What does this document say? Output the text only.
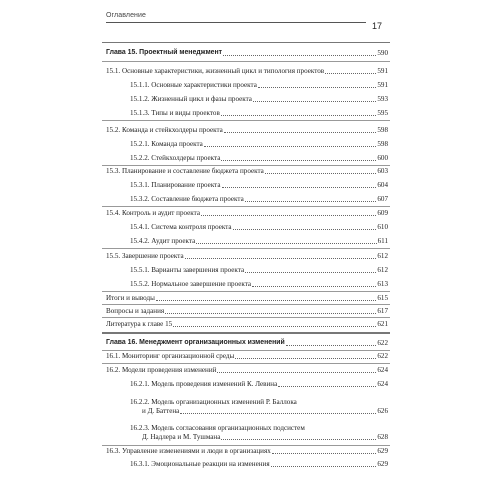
Оглавление
17
Глава 15. Проектный менеджмент	590
15.1. Основные характеристики, жизненный цикл и типология проектов	591
15.1.1. Основные характеристики проекта	591
15.1.2. Жизненный цикл и фазы проекта	593
15.1.3. Типы и виды проектов	595
15.2. Команда и стейкхолдеры проекта	598
15.2.1. Команда проекта	598
15.2.2. Стейкхолдеры проекта	600
15.3. Планирование и составление бюджета проекта	603
15.3.1. Планирование проекта	604
15.3.2. Составление бюджета проекта	607
15.4. Контроль и аудит проекта	609
15.4.1. Система контроля проекта	610
15.4.2. Аудит проекта	611
15.5. Завершение проекта	612
15.5.1. Варианты завершения проекта	612
15.5.2. Нормальное завершение проекта	613
Итоги и выводы	615
Вопросы и задания	617
Литература к главе 15	621
Глава 16. Менеджмент организационных изменений	622
16.1. Мониторинг организационной среды	622
16.2. Модели проведения изменений	624
16.2.1. Модель проведения изменений К. Левина	624
16.2.2. Модель организационных изменений Р. Баллока
и Д. Баттена	626
16.2.3. Модель согласования организационных подсистем
Д. Надлера и М. Тушмана	628
16.3. Управление изменениями и люди в организациях	629
16.3.1. Эмоциональные реакции на изменения	629
